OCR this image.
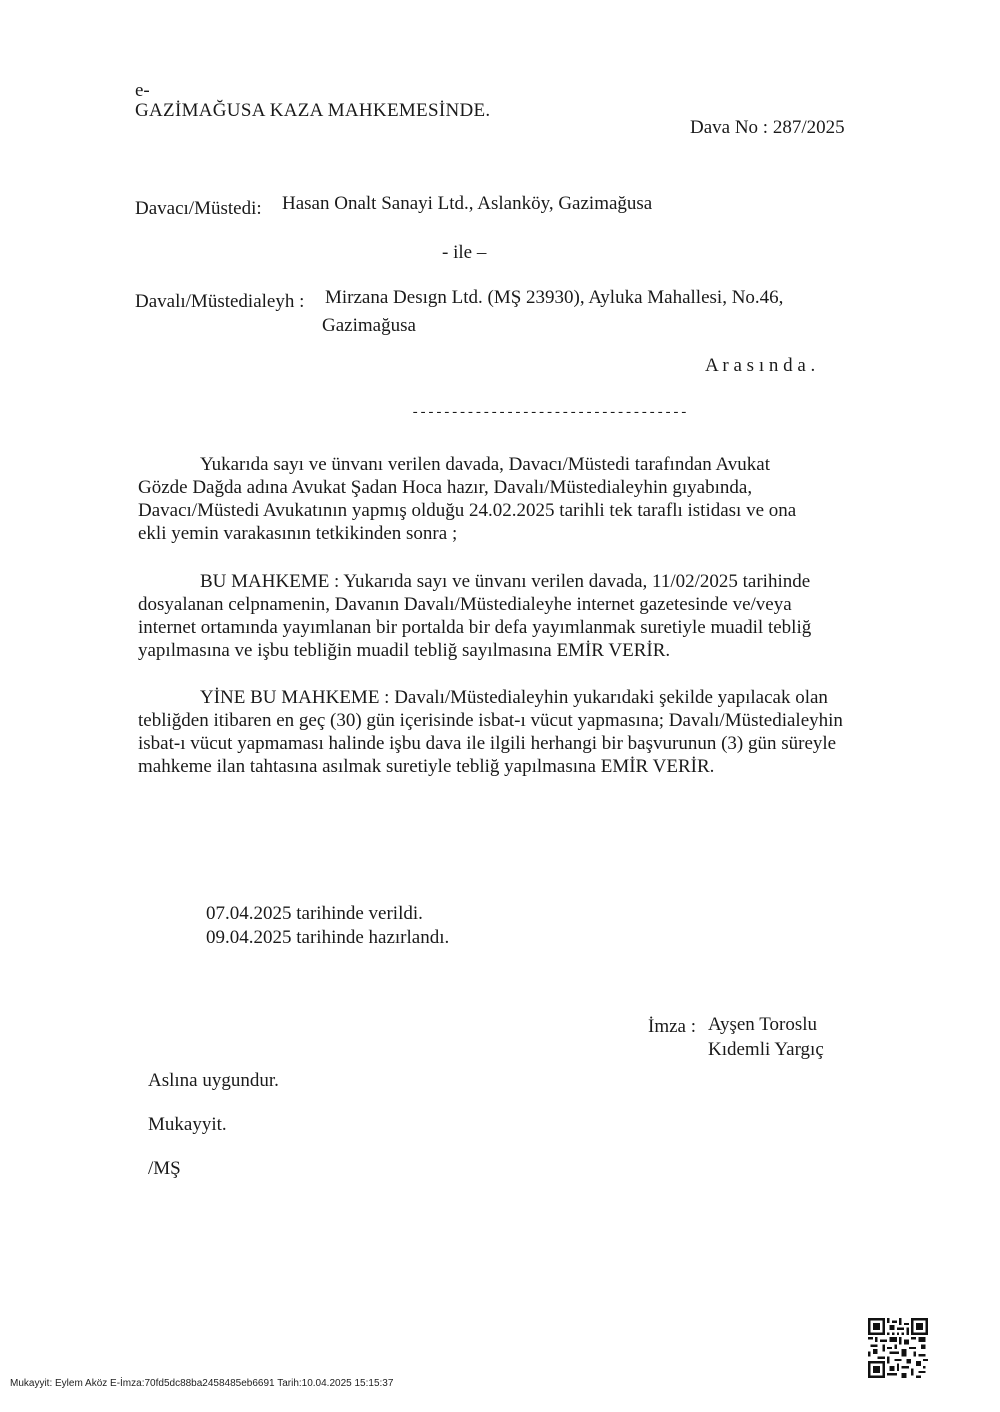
e-
GAZİMAĞUSA KAZA MAHKEMESİNDE.
Dava No : 287/2025
Davacı/Müstedi: Hasan Onalt Sanayi Ltd., Aslanköy, Gazimağusa
- ile –
Davalı/Müstedialeyh : Mirzana Desıgn Ltd. (MŞ 23930), Ayluka Mahallesi, No.46,
Gazimağusa
A r a s ı n d a .
-----------------------------------
Yukarıda sayı ve ünvanı verilen davada, Davacı/Müstedi tarafından Avukat
Gözde Dağda adına Avukat Şadan Hoca hazır, Davalı/Müstedialeyhin gıyabında,
Davacı/Müstedi Avukatının yapmış olduğu 24.02.2025 tarihli tek taraflı istidası ve ona
ekli yemin varakasının tetkikinden sonra ;
BU MAHKEME : Yukarıda sayı ve ünvanı verilen davada, 11/02/2025 tarihinde
dosyalanan celpnamenin, Davanın Davalı/Müstedialeyhe internet gazetesinde ve/veya
internet ortamında yayımlanan bir portalda bir defa yayımlanmak suretiyle muadil tebliğ
yapılmasına ve işbu tebliğin muadil tebliğ sayılmasına EMİR VERİR.
YİNE BU MAHKEME : Davalı/Müstedialeyhin yukarıdaki şekilde yapılacak olan
tebliğden itibaren en geç (30) gün içerisinde isbat-ı vücut yapmasına; Davalı/Müstedialeyhin
isbat-ı vücut yapmaması halinde işbu dava ile ilgili herhangi bir başvurunun (3) gün süreyle
mahkeme ilan tahtasına asılmak suretiyle tebliğ yapılmasına EMİR VERİR.
07.04.2025 tarihinde verildi.
09.04.2025 tarihinde hazırlandı.
İmza : Ayşen Toroslu
Kıdemli Yargıç
Aslına uygundur.
Mukayyit.
/MŞ
Mukayyit: Eylem Aköz E-İmza:70fd5dc88ba2458485eb6691 Tarih:10.04.2025 15:15:37
